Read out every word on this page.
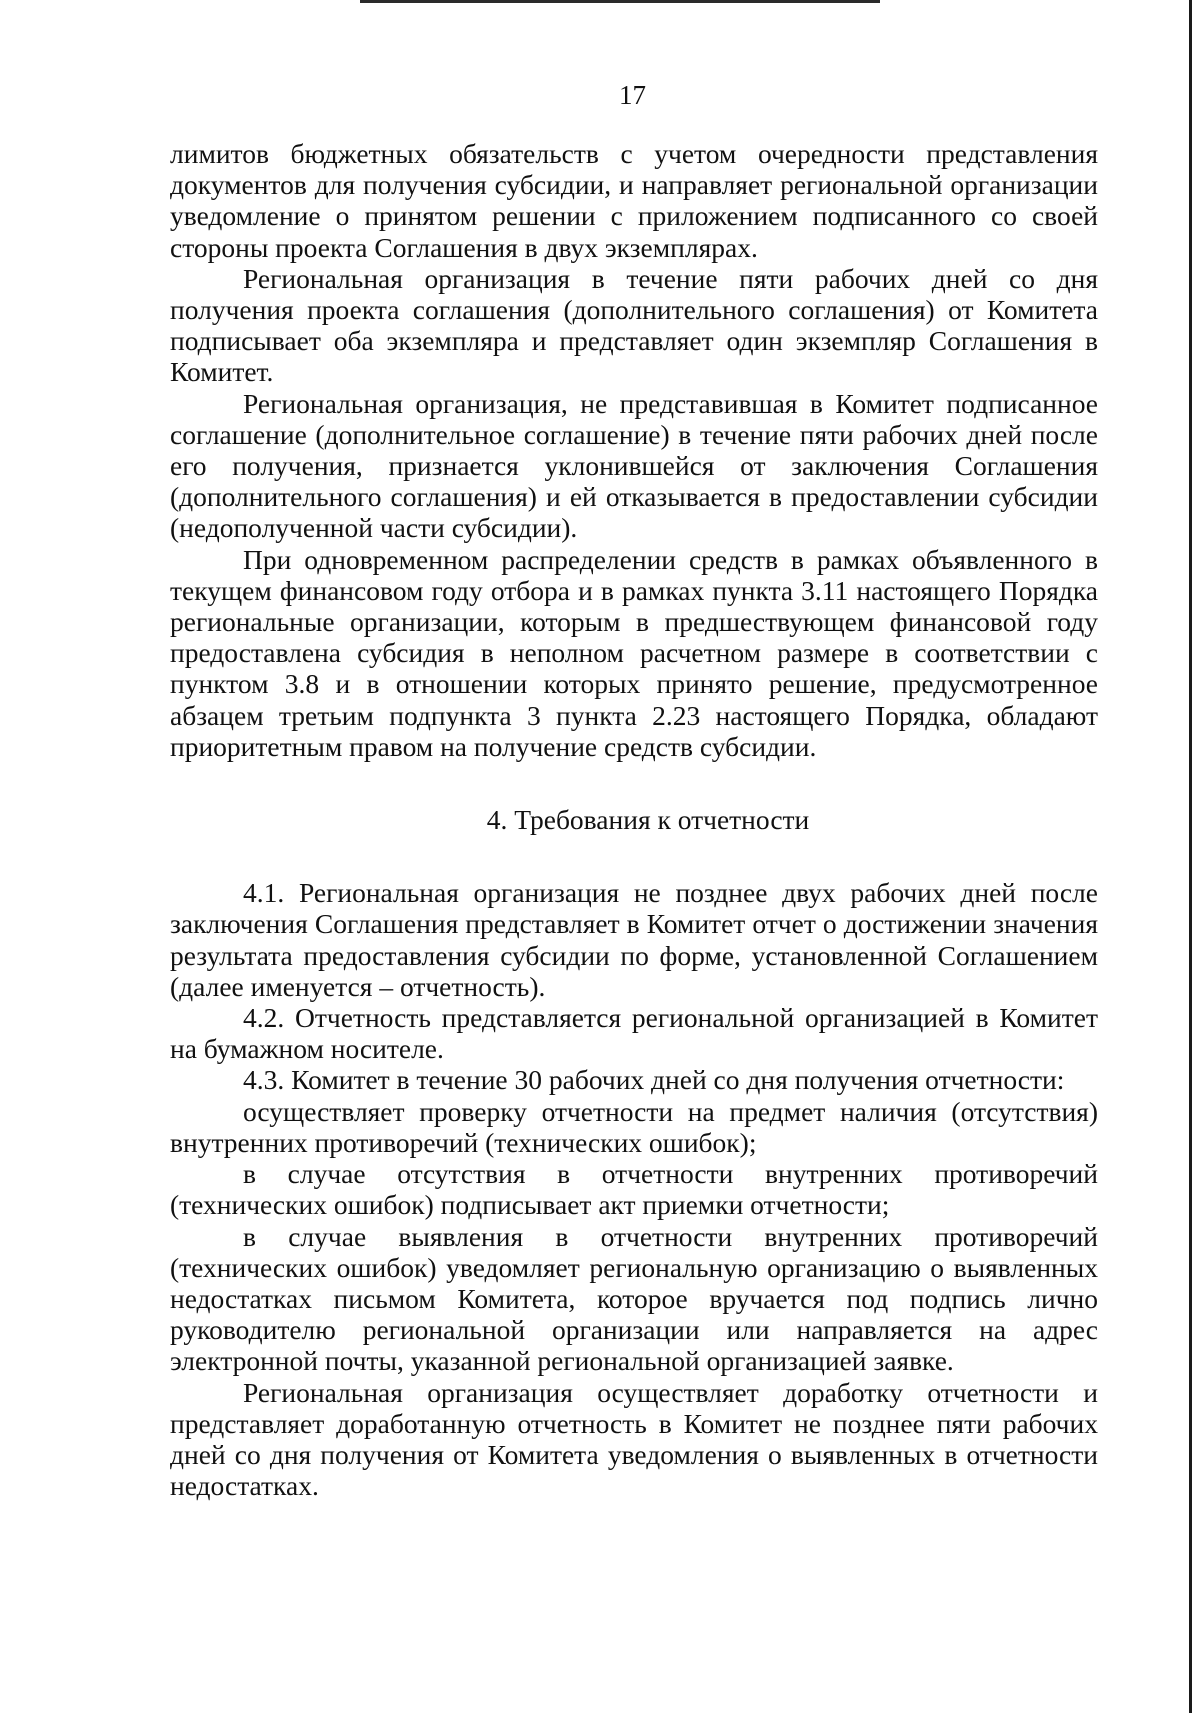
17

лимитов бюджетных обязательств с учетом очередности представления документов для получения субсидии, и направляет региональной организации уведомление о принятом решении с приложением подписанного со своей стороны проекта Соглашения в двух экземплярах.

Региональная организация в течение пяти рабочих дней со дня получения проекта соглашения (дополнительного соглашения) от Комитета подписывает оба экземпляра и представляет один экземпляр Соглашения в Комитет.

Региональная организация, не представившая в Комитет подписанное соглашение (дополнительное соглашение) в течение пяти рабочих дней после его получения, признается уклонившейся от заключения Соглашения (дополнительного соглашения) и ей отказывается в предоставлении субсидии (недополученной части субсидии).

При одновременном распределении средств в рамках объявленного в текущем финансовом году отбора и в рамках пункта 3.11 настоящего Порядка региональные организации, которым в предшествующем финансовой году предоставлена субсидия в неполном расчетном размере в соответствии с пунктом 3.8 и в отношении которых принято решение, предусмотренное абзацем третьим подпункта 3 пункта 2.23 настоящего Порядка, обладают приоритетным правом на получение средств субсидии.

4. Требования к отчетности

4.1. Региональная организация не позднее двух рабочих дней после заключения Соглашения представляет в Комитет отчет о достижении значения результата предоставления субсидии по форме, установленной Соглашением (далее именуется – отчетность).

4.2. Отчетность представляется региональной организацией в Комитет на бумажном носителе.

4.3. Комитет в течение 30 рабочих дней со дня получения отчетности:

осуществляет проверку отчетности на предмет наличия (отсутствия) внутренних противоречий (технических ошибок);

в случае отсутствия в отчетности внутренних противоречий (технических ошибок) подписывает акт приемки отчетности;

в случае выявления в отчетности внутренних противоречий (технических ошибок) уведомляет региональную организацию о выявленных недостатках письмом Комитета, которое вручается под подпись лично руководителю региональной организации или направляется на адрес электронной почты, указанной региональной организацией заявке.

Региональная организация осуществляет доработку отчетности и представляет доработанную отчетность в Комитет не позднее пяти рабочих дней со дня получения от Комитета уведомления о выявленных в отчетности недостатках.
